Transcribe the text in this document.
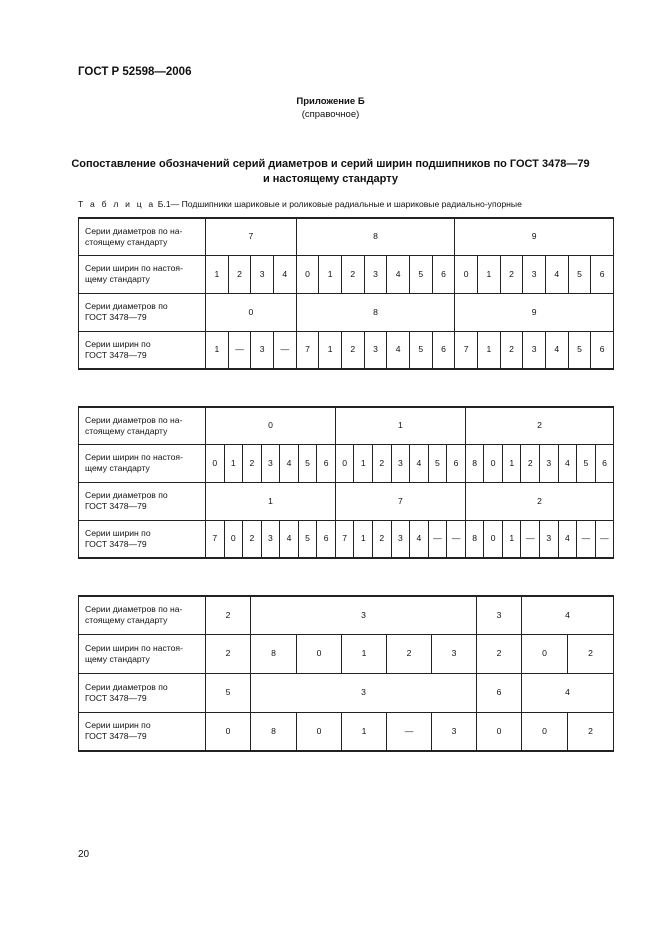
ГОСТ Р 52598—2006
Приложение Б
(справочное)
Сопоставление обозначений серий диаметров и серий ширин подшипников по ГОСТ 3478—79
и настоящему стандарту
Т а б л и ц а Б.1— Подшипники шариковые и роликовые радиальные и шариковые радиально-упорные
Серии диаметров по на-
стоящему стандарту	7				8							9						

Серии ширин по настоя-
щему стандарту	1	2	3	4	0	1	2	3	4	5	6	0	1	2	3	4	5	6

Серии диаметров по
ГОСТ 3478—79	0				8							9						

Серии ширин по
ГОСТ 3478—79	1	—	3	—	7	1	2	3	4	5	6	7	1	2	3	4	5	6
Серии диаметров по на-
стоящему стандарту	0							1							2							

Серии ширин по настоя-
щему стандарту	0	1	2	3	4	5	6	0	1	2	3	4	5	6	8	0	1	2	3	4	5	6

Серии диаметров по
ГОСТ 3478—79	1							7							2							

Серии ширин по
ГОСТ 3478—79	7	0	2	3	4	5	6	7	1	2	3	4	—	—	8	0	1	—	3	4	—	—
Серии диаметров по на-
стоящему стандарту	2	3					3	4	

Серии ширин по настоя-
щему стандарту	2	8	0	1	2	3	2	0	2

Серии диаметров по
ГОСТ 3478—79	5	3					6	4	

Серии ширин по
ГОСТ 3478—79	0	8	0	1	—	3	0	0	2
20
